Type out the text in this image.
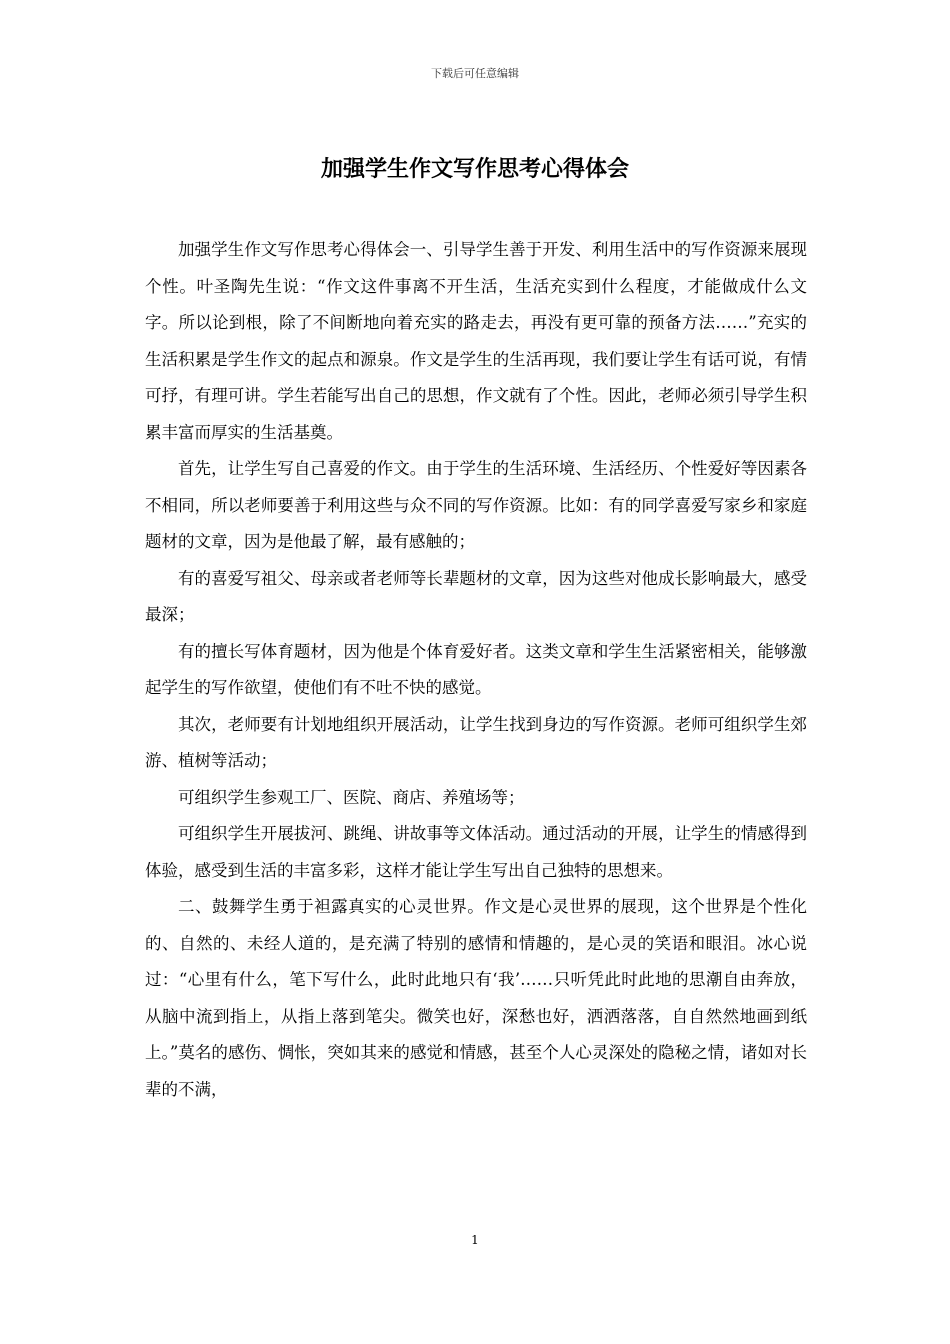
下载后可任意编辑
加强学生作文写作思考心得体会

加强学生作文写作思考心得体会一、引导学生善于开发、利用生活中的写作资源来展现个性。叶圣陶先生说：“作文这件事离不开生活，生活充实到什么程度，才能做成什么文字。所以论到根，除了不间断地向着充实的路走去，再没有更可靠的预备方法……”充实的生活积累是学生作文的起点和源泉。作文是学生的生活再现，我们要让学生有话可说，有情可抒，有理可讲。学生若能写出自己的思想，作文就有了个性。因此，老师必须引导学生积累丰富而厚实的生活基奠。

首先，让学生写自己喜爱的作文。由于学生的生活环境、生活经历、个性爱好等因素各不相同，所以老师要善于利用这些与众不同的写作资源。比如：有的同学喜爱写家乡和家庭题材的文章，因为是他最了解，最有感触的；

有的喜爱写祖父、母亲或者老师等长辈题材的文章，因为这些对他成长影响最大，感受最深；

有的擅长写体育题材，因为他是个体育爱好者。这类文章和学生生活紧密相关，能够激起学生的写作欲望，使他们有不吐不快的感觉。

其次，老师要有计划地组织开展活动，让学生找到身边的写作资源。老师可组织学生郊游、植树等活动；

可组织学生参观工厂、医院、商店、养殖场等；

可组织学生开展拔河、跳绳、讲故事等文体活动。通过活动的开展，让学生的情感得到体验，感受到生活的丰富多彩，这样才能让学生写出自己独特的思想来。

二、鼓舞学生勇于袒露真实的心灵世界。作文是心灵世界的展现，这个世界是个性化的、自然的、未经人道的，是充满了特别的感情和情趣的，是心灵的笑语和眼泪。冰心说过：“心里有什么，笔下写什么，此时此地只有‘我’……只听凭此时此地的思潮自由奔放，从脑中流到指上，从指上落到笔尖。微笑也好，深愁也好，洒洒落落，自自然然地画到纸上。”莫名的感伤、惆怅，突如其来的感觉和情感，甚至个人心灵深处的隐秘之情，诸如对长辈的不满，

1
